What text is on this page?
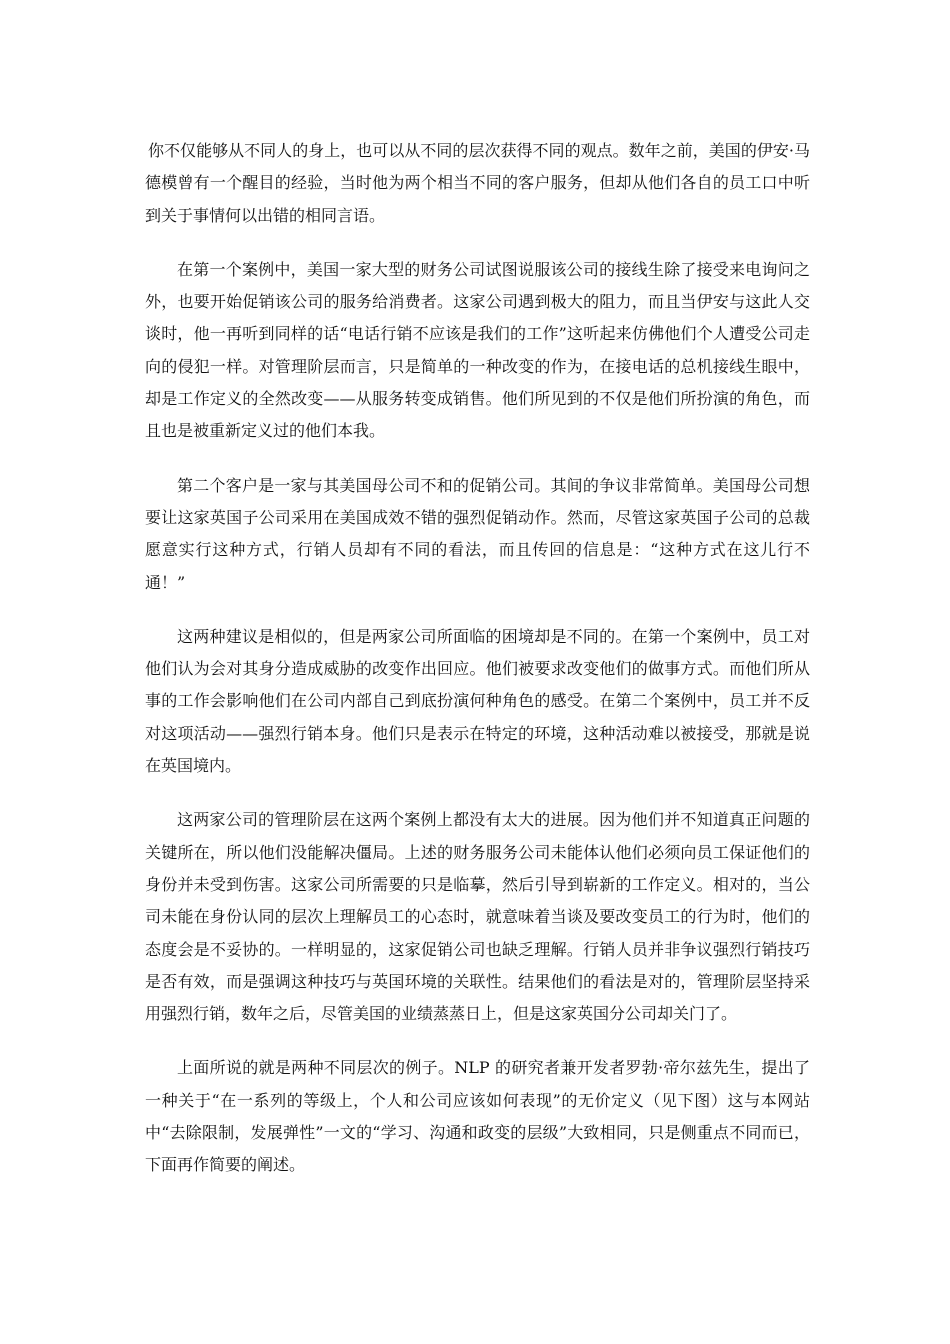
你不仅能够从不同人的身上，也可以从不同的层次获得不同的观点。数年之前，美国的伊安·马德模曾有一个醒目的经验，当时他为两个相当不同的客户服务，但却从他们各自的员工口中听到关于事情何以出错的相同言语。

在第一个案例中，美国一家大型的财务公司试图说服该公司的接线生除了接受来电询问之外，也要开始促销该公司的服务给消费者。这家公司遇到极大的阻力，而且当伊安与这此人交谈时，他一再听到同样的话“电话行销不应该是我们的工作”这听起来仿佛他们个人遭受公司走向的侵犯一样。对管理阶层而言，只是简单的一种改变的作为，在接电话的总机接线生眼中，却是工作定义的全然改变——从服务转变成销售。他们所见到的不仅是他们所扮演的角色，而且也是被重新定义过的他们本我。

第二个客户是一家与其美国母公司不和的促销公司。其间的争议非常简单。美国母公司想要让这家英国子公司采用在美国成效不错的强烈促销动作。然而，尽管这家英国子公司的总裁愿意实行这种方式，行销人员却有不同的看法，而且传回的信息是：“这种方式在这儿行不通！”

这两种建议是相似的，但是两家公司所面临的困境却是不同的。在第一个案例中，员工对他们认为会对其身分造成威胁的改变作出回应。他们被要求改变他们的做事方式。而他们所从事的工作会影响他们在公司内部自己到底扮演何种角色的感受。在第二个案例中，员工并不反对这项活动——强烈行销本身。他们只是表示在特定的环境，这种活动难以被接受，那就是说在英国境内。

这两家公司的管理阶层在这两个案例上都没有太大的进展。因为他们并不知道真正问题的关键所在，所以他们没能解决僵局。上述的财务服务公司未能体认他们必须向员工保证他们的身份并未受到伤害。这家公司所需要的只是临摹，然后引导到崭新的工作定义。相对的，当公司未能在身份认同的层次上理解员工的心态时，就意味着当谈及要改变员工的行为时，他们的态度会是不妥协的。一样明显的，这家促销公司也缺乏理解。行销人员并非争议强烈行销技巧是否有效，而是强调这种技巧与英国环境的关联性。结果他们的看法是对的，管理阶层坚持采用强烈行销，数年之后，尽管美国的业绩蒸蒸日上，但是这家英国分公司却关门了。

上面所说的就是两种不同层次的例子。NLP 的研究者兼开发者罗勃·帝尔兹先生，提出了一种关于“在一系列的等级上，个人和公司应该如何表现”的无价定义（见下图）这与本网站中“去除限制，发展弹性”一文的“学习、沟通和政变的层级”大致相同，只是侧重点不同而已，下面再作简要的阐述。
